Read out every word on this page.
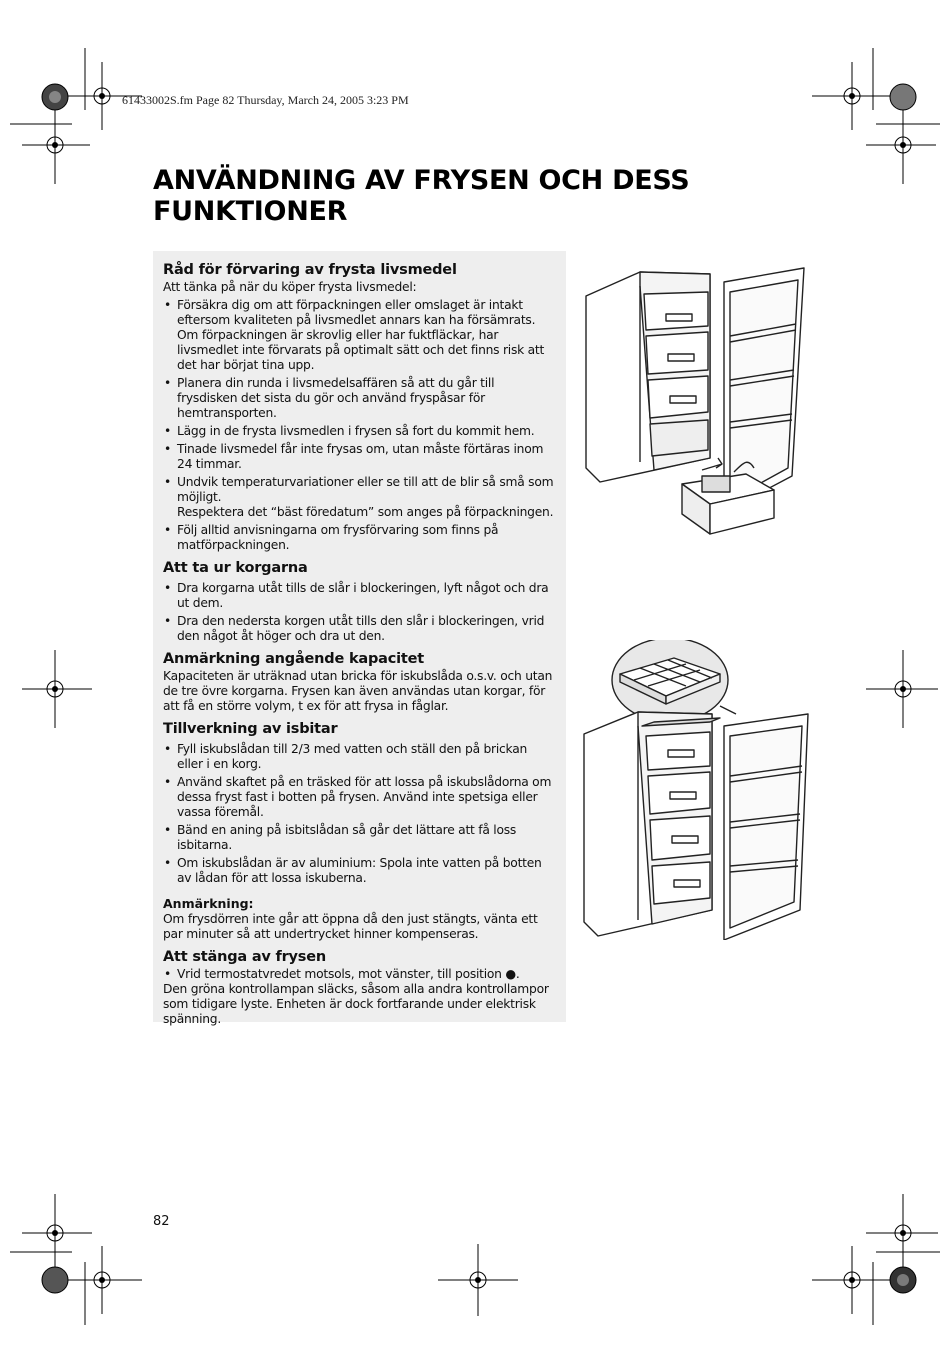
61433002S.fm Page 82 Thursday, March 24, 2005 3:23 PM
ANVÄNDNING AV FRYSEN OCH DESS FUNKTIONER
Råd för förvaring av frysta livsmedel

Att tänka på när du köper frysta livsmedel:

• Försäkra dig om att förpackningen eller omslaget är intakt eftersom kvaliteten på livsmedlet annars kan ha försämrats. Om förpackningen är skrovlig eller har fuktfläckar, har livsmedlet inte förvarats på optimalt sätt och det finns risk att det har börjat tina upp.
• Planera din runda i livsmedelsaffären så att du går till frysdisken det sista du gör och använd fryspåsar för hemtransporten.
• Lägg in de frysta livsmedlen i frysen så fort du kommit hem.
• Tinade livsmedel får inte frysas om, utan måste förtäras inom 24 timmar.
• Undvik temperaturvariationer eller se till att de blir så små som möjligt.
Respektera det “bäst föredatum” som anges på förpackningen.
• Följ alltid anvisningarna om frysförvaring som finns på matförpackningen.
Att ta ur korgarna
• Dra korgarna utåt tills de slår i blockeringen, lyft något och dra ut dem.
• Dra den nedersta korgen utåt tills den slår i blockeringen, vrid den något åt höger och dra ut den.
Anmärkning angående kapacitet

Kapaciteten är uträknad utan bricka för iskubslåda o.s.v. och utan de tre övre korgarna. Frysen kan även användas utan korgar, för att få en större volym, t ex för att frysa in fåglar.

Tillverkning av isbitar
• Fyll iskubslådan till 2/3 med vatten och ställ den på brickan eller i en korg.
• Använd skaftet på en träsked för att lossa på iskubslådorna om dessa fryst fast i botten på frysen. Använd inte spetsiga eller vassa föremål.
• Bänd en aning på isbitslådan så går det lättare att få loss isbitarna.
• Om iskubslådan är av aluminium: Spola inte vatten på botten av lådan för att lossa iskuberna.
Anmärkning:

Om frysdörren inte går att öppna då den just stängts, vänta ett par minuter så att undertrycket hinner kompenseras.

Att stänga av frysen
• Vrid termostatvredet motsols, mot vänster, till position ●.

Den gröna kontrollampan släcks, såsom alla andra kontrollampor som tidigare lyste. Enheten är dock fortfarande under elektrisk spänning.

82
